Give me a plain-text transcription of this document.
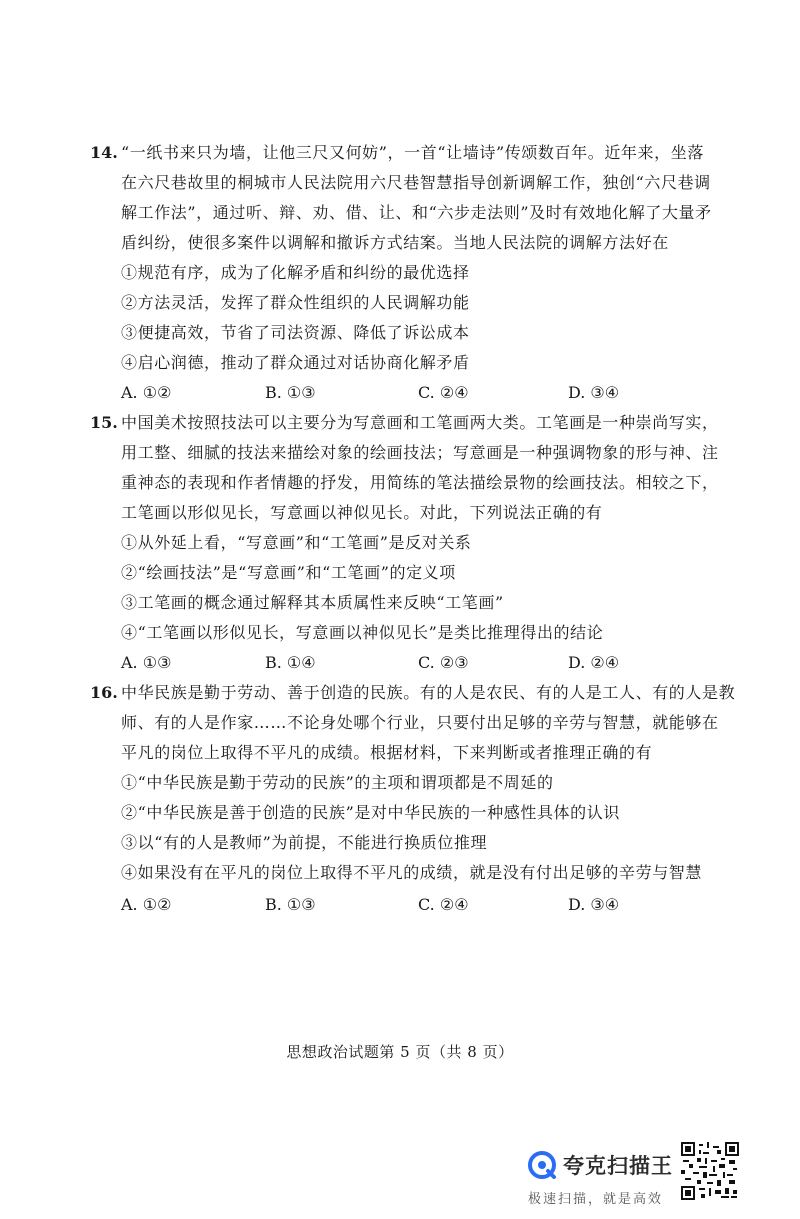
14. “一纸书来只为墙，让他三尺又何妨”，一首“让墙诗”传颂数百年。近年来，坐落
在六尺巷故里的桐城市人民法院用六尺巷智慧指导创新调解工作，独创“六尺巷调
解工作法”，通过听、辩、劝、借、让、和“六步走法则”及时有效地化解了大量矛
盾纠纷，使很多案件以调解和撤诉方式结案。当地人民法院的调解方法好在
①规范有序，成为了化解矛盾和纠纷的最优选择
②方法灵活，发挥了群众性组织的人民调解功能
③便捷高效，节省了司法资源、降低了诉讼成本
④启心润德，推动了群众通过对话协商化解矛盾
A. ①②	B. ①③	C. ②④	D. ③④
15. 中国美术按照技法可以主要分为写意画和工笔画两大类。工笔画是一种崇尚写实，
用工整、细腻的技法来描绘对象的绘画技法；写意画是一种强调物象的形与神、注
重神态的表现和作者情趣的抒发，用简练的笔法描绘景物的绘画技法。相较之下，
工笔画以形似见长，写意画以神似见长。对此，下列说法正确的有
①从外延上看，“写意画”和“工笔画”是反对关系
②“绘画技法”是“写意画”和“工笔画”的定义项
③工笔画的概念通过解释其本质属性来反映“工笔画”
④“工笔画以形似见长，写意画以神似见长”是类比推理得出的结论
A. ①③	B. ①④	C. ②③	D. ②④
16. 中华民族是勤于劳动、善于创造的民族。有的人是农民、有的人是工人、有的人是教
师、有的人是作家……不论身处哪个行业，只要付出足够的辛劳与智慧，就能够在
平凡的岗位上取得不平凡的成绩。根据材料，下来判断或者推理正确的有
①“中华民族是勤于劳动的民族”的主项和谓项都是不周延的
②“中华民族是善于创造的民族”是对中华民族的一种感性具体的认识
③以“有的人是教师”为前提，不能进行换质位推理
④如果没有在平凡的岗位上取得不平凡的成绩，就是没有付出足够的辛劳与智慧
A. ①②	B. ①③	C. ②④	D. ③④
思想政治试题第 5 页（共 8 页）
夸克扫描王
极速扫描，就是高效
